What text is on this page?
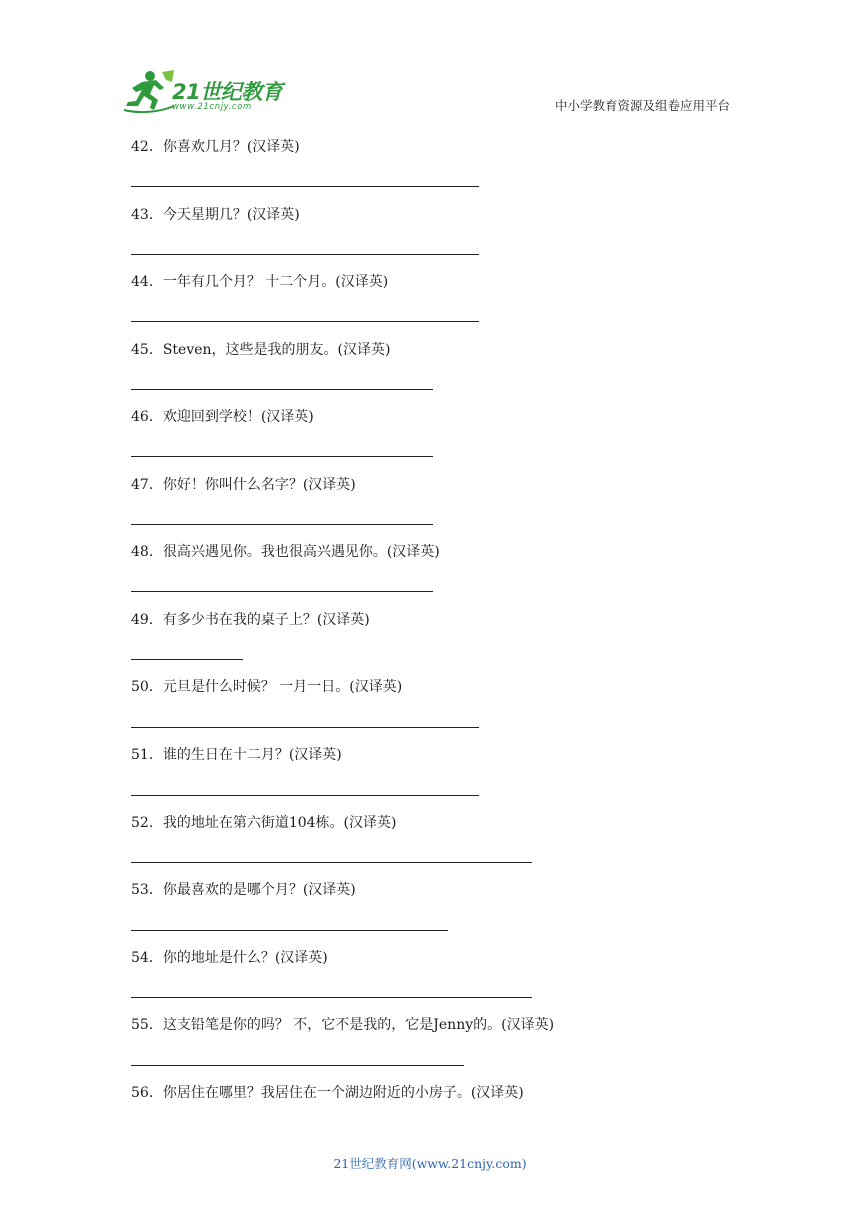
21世纪教育
www.21cnjy.com	中小学教育资源及组卷应用平台
42．你喜欢几月？(汉译英)
43．今天星期几？(汉译英)
44．一年有几个月？ 十二个月。(汉译英)
45．Steven，这些是我的朋友。(汉译英)
46．欢迎回到学校！(汉译英)
47．你好！你叫什么名字？(汉译英)
48．很高兴遇见你。我也很高兴遇见你。(汉译英)
49．有多少书在我的桌子上？(汉译英)
50．元旦是什么时候？ 一月一日。(汉译英)
51．谁的生日在十二月？(汉译英)
52．我的地址在第六街道104栋。(汉译英)
53．你最喜欢的是哪个月？(汉译英)
54．你的地址是什么？(汉译英)
55．这支铅笔是你的吗？ 不，它不是我的，它是Jenny的。(汉译英)
56．你居住在哪里？我居住在一个湖边附近的小房子。(汉译英)
21世纪教育网(www.21cnjy.com)
